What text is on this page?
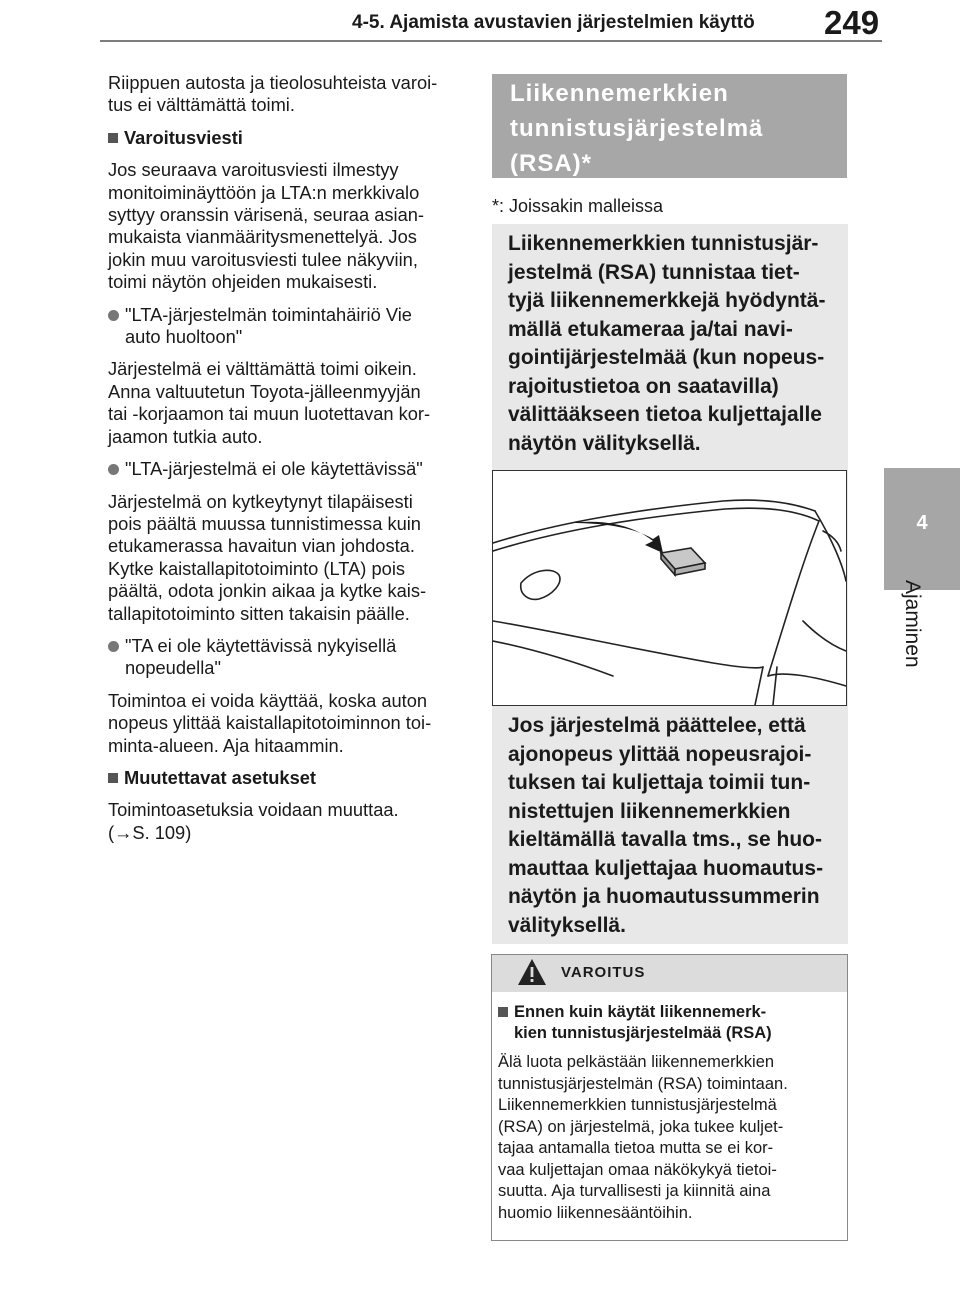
4-5. Ajamista avustavien järjestelmien käyttö 249
4
Ajaminen

Riippuen autosta ja tieolosuhteista varoi-
tus ei välttämättä toimi.

Varoitusviesti

Jos seuraava varoitusviesti ilmestyy
monitoiminäyttöön ja LTA:n merkkivalo
syttyy oranssin värisenä, seuraa asian-
mukaista vianmääritysmenettelyä. Jos
jokin muu varoitusviesti tulee näkyviin,
toimi näytön ohjeiden mukaisesti.

"LTA-järjestelmän toimintahäiriö Vie
auto huoltoon"

Järjestelmä ei välttämättä toimi oikein.
Anna valtuutetun Toyota-jälleenmyyjän
tai -korjaamon tai muun luotettavan kor-
jaamon tutkia auto.

"LTA-järjestelmä ei ole käytettävissä"

Järjestelmä on kytkeytynyt tilapäisesti
pois päältä muussa tunnistimessa kuin
etukamerassa havaitun vian johdosta.
Kytke kaistallapitotoiminto (LTA) pois
päältä, odota jonkin aikaa ja kytke kais-
tallapitotoiminto sitten takaisin päälle.

"TA ei ole käytettävissä nykyisellä
nopeudella"

Toimintoa ei voida käyttää, koska auton
nopeus ylittää kaistallapitotoiminnon toi-
minta-alueen. Aja hitaammin.

Muutettavat asetukset

Toimintoasetuksia voidaan muuttaa.
(→S. 109)

Liikennemerkkien
tunnistusjärjestelmä
(RSA)*
*: Joissakin malleissa
Liikennemerkkien tunnistusjär-
jestelmä (RSA) tunnistaa tiet-
tyjä liikennemerkkejä hyödyntä-
mällä etukameraa ja/tai navi-
gointijärjestelmää (kun nopeus-
rajoitustietoa on saatavilla)
välittääkseen tietoa kuljettajalle
näytön välityksellä.
Jos järjestelmä päättelee, että
ajonopeus ylittää nopeusrajoi-
tuksen tai kuljettaja toimii tun-
nistettujen liikennemerkkien
kieltämällä tavalla tms., se huo-
mauttaa kuljettajaa huomautus-
näytön ja huomautussummerin
välityksellä.
VAROITUS
Ennen kuin käytät liikennemerk-
kien tunnistusjärjestelmää (RSA)
Älä luota pelkästään liikennemerkkien
tunnistusjärjestelmän (RSA) toimintaan.
Liikennemerkkien tunnistusjärjestelmä
(RSA) on järjestelmä, joka tukee kuljet-
tajaa antamalla tietoa mutta se ei kor-
vaa kuljettajan omaa näkökykyä tietoi-
suutta. Aja turvallisesti ja kiinnitä aina
huomio liikennesääntöihin.
